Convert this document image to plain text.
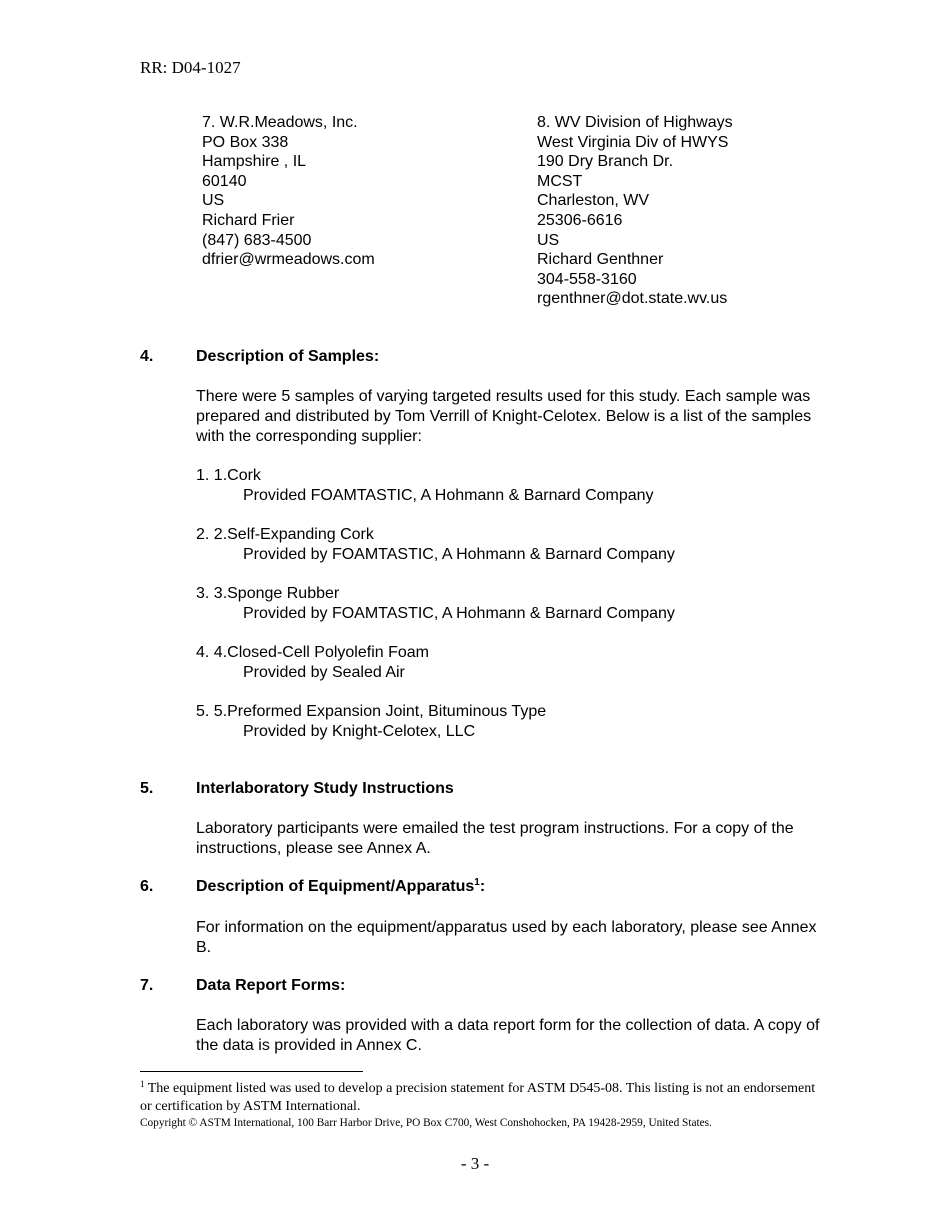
RR: D04-1027
7. W.R.Meadows, Inc.
PO Box 338
Hampshire , IL
60140
US
Richard Frier
(847) 683-4500
dfrier@wrmeadows.com
8. WV Division of Highways
West Virginia Div of HWYS
190 Dry Branch Dr.
MCST
Charleston, WV
25306-6616
US
Richard Genthner
304-558-3160
rgenthner@dot.state.wv.us
4.	Description of Samples:
There were 5 samples of varying targeted results used for this study. Each sample was prepared and distributed by Tom Verrill of Knight-Celotex. Below is a list of the samples with the corresponding supplier:
1. 1.Cork
Provided FOAMTASTIC, A Hohmann & Barnard Company
2. 2.Self-Expanding Cork
Provided by FOAMTASTIC, A Hohmann & Barnard Company
3. 3.Sponge Rubber
Provided by FOAMTASTIC, A Hohmann & Barnard Company
4. 4.Closed-Cell Polyolefin Foam
Provided by Sealed Air
5. 5.Preformed Expansion Joint, Bituminous Type
Provided by Knight-Celotex, LLC
5.	Interlaboratory Study Instructions
Laboratory participants were emailed the test program instructions. For a copy of the instructions, please see Annex A.
6.	Description of Equipment/Apparatus$^1$:
For information on the equipment/apparatus used by each laboratory, please see Annex B.
7.	Data Report Forms:
Each laboratory was provided with a data report form for the collection of data. A copy of the data is provided in Annex C.
$^1$ The equipment listed was used to develop a precision statement for ASTM D545-08. This listing is not an endorsement or certification by ASTM International.
Copyright © ASTM International, 100 Barr Harbor Drive, PO Box C700, West Conshohocken, PA 19428-2959, United States.
- 3 -
